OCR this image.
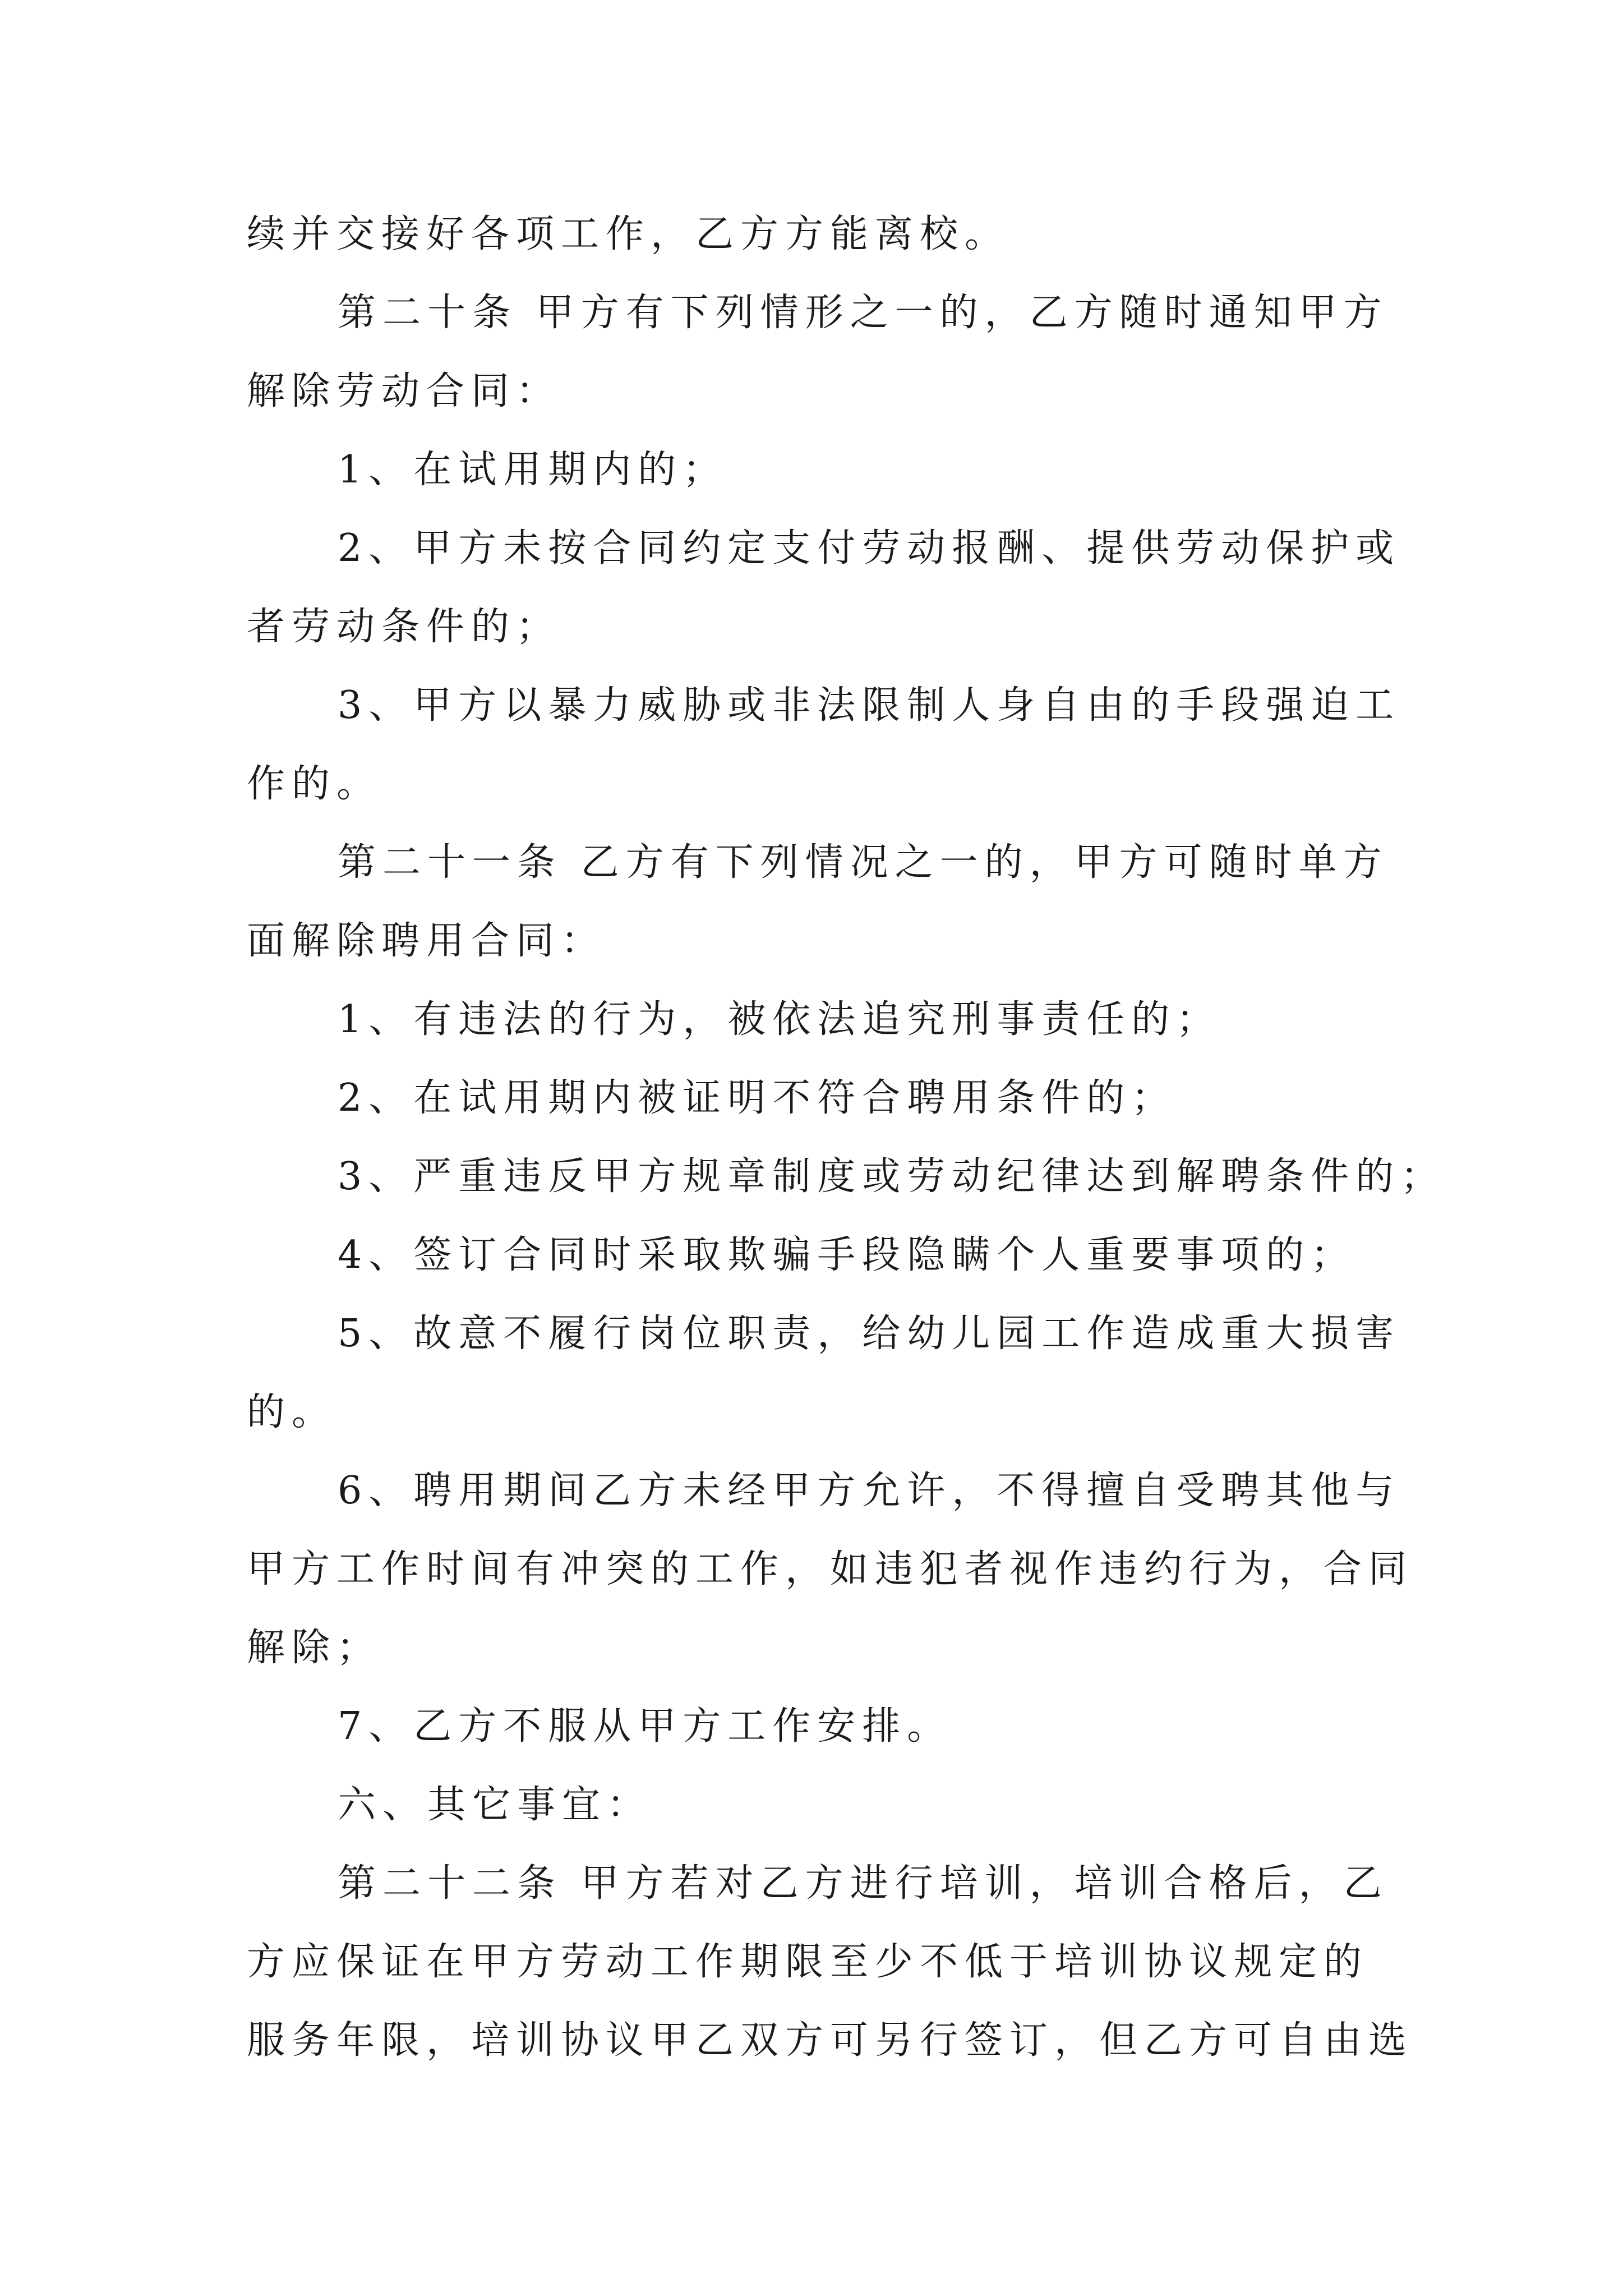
续并交接好各项工作，乙方方能离校。
第二十条 甲方有下列情形之一的，乙方随时通知甲方
解除劳动合同：
1、在试用期内的；
2、甲方未按合同约定支付劳动报酬、提供劳动保护或
者劳动条件的；
3、甲方以暴力威胁或非法限制人身自由的手段强迫工
作的。
第二十一条 乙方有下列情况之一的，甲方可随时单方
面解除聘用合同：
1、有违法的行为，被依法追究刑事责任的；
2、在试用期内被证明不符合聘用条件的；
3、严重违反甲方规章制度或劳动纪律达到解聘条件的；
4、签订合同时采取欺骗手段隐瞒个人重要事项的；
5、故意不履行岗位职责，给幼儿园工作造成重大损害
的。
6、聘用期间乙方未经甲方允许，不得擅自受聘其他与
甲方工作时间有冲突的工作，如违犯者视作违约行为，合同
解除；
7、乙方不服从甲方工作安排。
六、其它事宜：
第二十二条 甲方若对乙方进行培训，培训合格后，乙
方应保证在甲方劳动工作期限至少不低于培训协议规定的
服务年限，培训协议甲乙双方可另行签订，但乙方可自由选
